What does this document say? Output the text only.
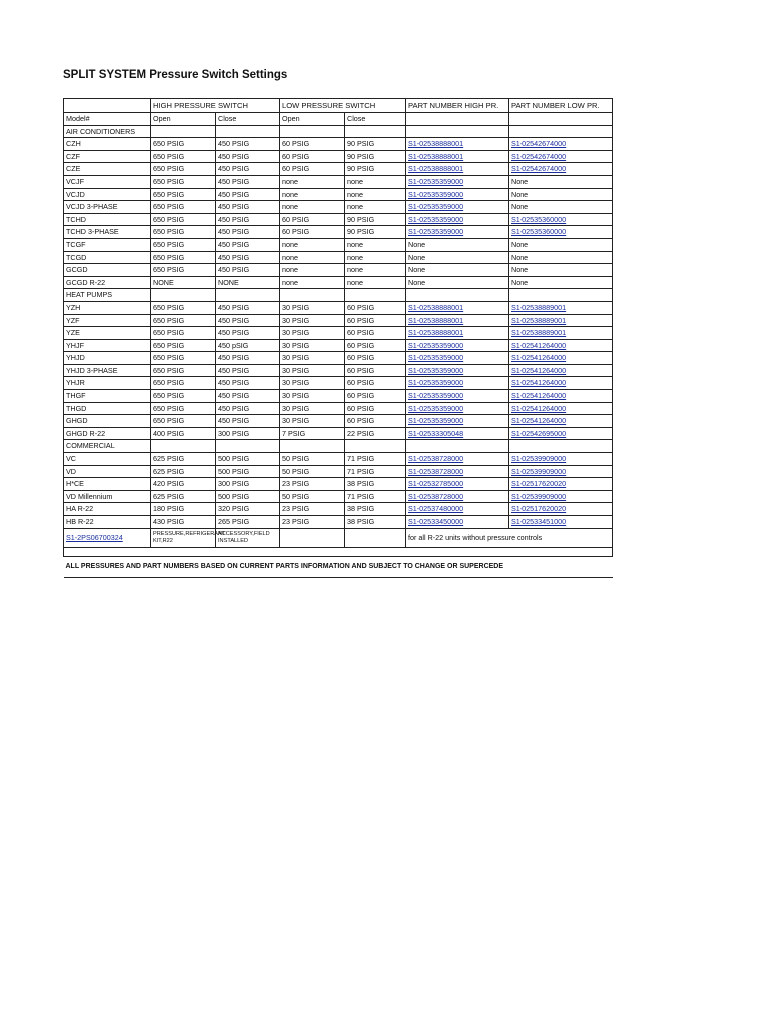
SPLIT SYSTEM Pressure Switch Settings
	HIGH PRESSURE SWITCH		LOW PRESSURE SWITCH		PART NUMBER HIGH PR.	PART NUMBER LOW PR.
Model#	Open	Close	Open	Close		
AIR CONDITIONERS						
CZH	650 PSIG	450 PSIG	60 PSIG	90 PSIG	S1-02538888001	S1-02542674000
CZF	650 PSIG	450 PSIG	60 PSIG	90 PSIG	S1-02538888001	S1-02542674000
CZE	650 PSIG	450 PSIG	60 PSIG	90 PSIG	S1-02538888001	S1-02542674000
VCJF	650 PSIG	450 PSIG	none	none	S1-02535359000	None
VCJD	650 PSIG	450 PSIG	none	none	S1-02535359000	None
VCJD 3-PHASE	650 PSIG	450 PSIG	none	none	S1-02535359000	None
TCHD	650 PSIG	450 PSIG	60 PSIG	90 PSIG	S1-02535359000	S1-02535360000
TCHD 3-PHASE	650 PSIG	450 PSIG	60 PSIG	90 PSIG	S1-02535359000	S1-02535360000
TCGF	650 PSIG	450 PSIG	none	none	None	None
TCGD	650 PSIG	450 PSIG	none	none	None	None
GCGD	650 PSIG	450 PSIG	none	none	None	None
GCGD R-22	NONE	NONE	none	none	None	None
HEAT PUMPS						
YZH	650 PSIG	450 PSIG	30 PSIG	60 PSIG	S1-02538888001	S1-02538889001
YZF	650 PSIG	450 PSIG	30 PSIG	60 PSIG	S1-02538888001	S1-02538889001
YZE	650 PSIG	450 PSIG	30 PSIG	60 PSIG	S1-02538888001	S1-02538889001
YHJF	650 PSIG	450 pSIG	30 PSIG	60 PSIG	S1-02535359000	S1-02541264000
YHJD	650 PSIG	450 PSIG	30 PSIG	60 PSIG	S1-02535359000	S1-02541264000
YHJD 3-PHASE	650 PSIG	450 PSIG	30 PSIG	60 PSIG	S1-02535359000	S1-02541264000
YHJR	650 PSIG	450 PSIG	30 PSIG	60 PSIG	S1-02535359000	S1-02541264000
THGF	650 PSIG	450 PSIG	30 PSIG	60 PSIG	S1-02535359000	S1-02541264000
THGD	650 PSIG	450 PSIG	30 PSIG	60 PSIG	S1-02535359000	S1-02541264000
GHGD	650 PSIG	450 PSIG	30 PSIG	60 PSIG	S1-02535359000	S1-02541264000
GHGD R-22	400 PSIG	300 PSIG	7 PSIG	22 PSIG	S1-02533305048	S1-02542695000
COMMERCIAL						
VC	625 PSIG	500 PSIG	50 PSIG	71 PSIG	S1-02538728000	S1-02539909000
VD	625 PSIG	500 PSIG	50 PSIG	71 PSIG	S1-02538728000	S1-02539909000
H*CE	420 PSIG	300 PSIG	23 PSIG	38 PSIG	S1-02532785000	S1-02517620020
VD Millennium	625 PSIG	500 PSIG	50 PSIG	71 PSIG	S1-02538728000	S1-02539909000
HA R-22	180 PSIG	320 PSIG	23 PSIG	38 PSIG	S1-02537480000	S1-02517620020
HB R-22	430 PSIG	265 PSIG	23 PSIG	38 PSIG	S1-02533450000	S1-02533451000
S1-2PS06700324	PRESSURE,REFRIGERANT KIT,R22	ACCESSORY,FIELD INSTALLED			for all R-22 units without pressure controls	

ALL PRESSURES AND PART NUMBERS BASED ON CURRENT PARTS INFORMATION AND SUBJECT TO CHANGE OR SUPERCEDE						
